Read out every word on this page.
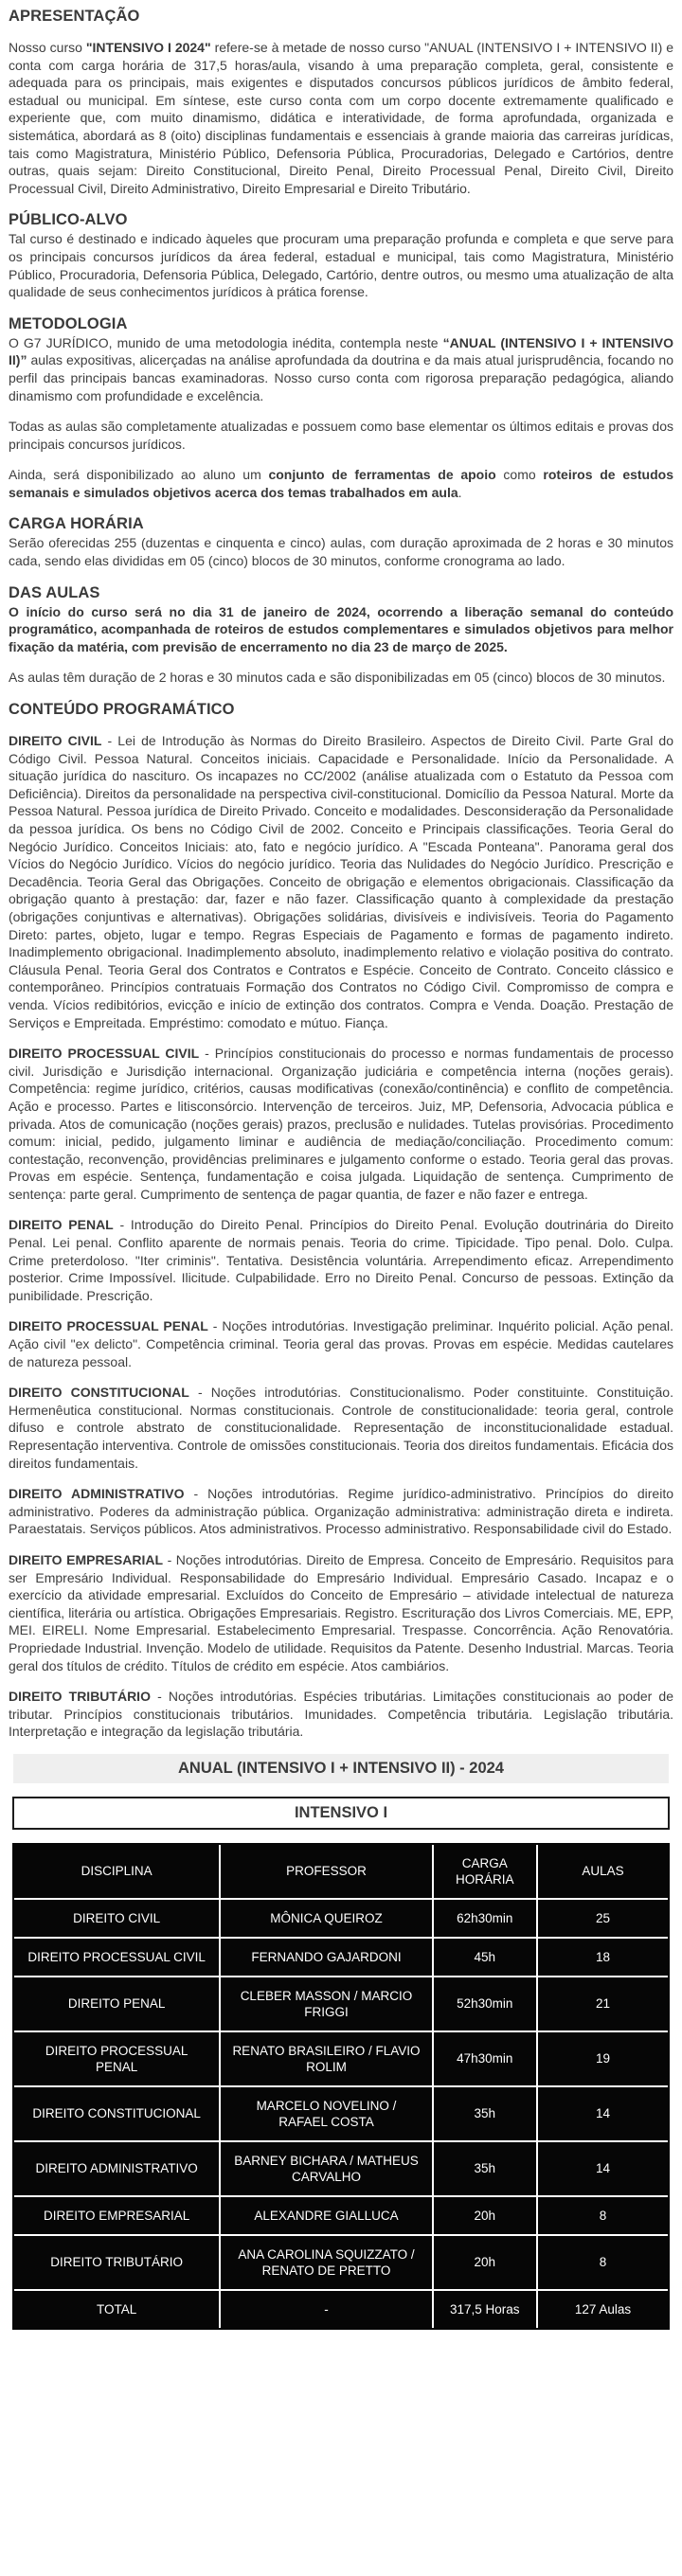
APRESENTAÇÃO

Nosso curso "INTENSIVO I 2024" refere-se à metade de nosso curso "ANUAL (INTENSIVO I + INTENSIVO II) e conta com carga horária de 317,5 horas/aula, visando à uma preparação completa, geral, consistente e adequada para os principais, mais exigentes e disputados concursos públicos jurídicos de âmbito federal, estadual ou municipal. Em síntese, este curso conta com um corpo docente extremamente qualificado e experiente que, com muito dinamismo, didática e interatividade, de forma aprofundada, organizada e sistemática, abordará as 8 (oito) disciplinas fundamentais e essenciais à grande maioria das carreiras jurídicas, tais como Magistratura, Ministério Público, Defensoria Pública, Procuradorias, Delegado e Cartórios, dentre outras, quais sejam: Direito Constitucional, Direito Penal, Direito Processual Penal, Direito Civil, Direito Processual Civil, Direito Administrativo, Direito Empresarial e Direito Tributário.

PÚBLICO-ALVO

Tal curso é destinado e indicado àqueles que procuram uma preparação profunda e completa e que serve para os principais concursos jurídicos da área federal, estadual e municipal, tais como Magistratura, Ministério Público, Procuradoria, Defensoria Pública, Delegado, Cartório, dentre outros, ou mesmo uma atualização de alta qualidade de seus conhecimentos jurídicos à prática forense.

METODOLOGIA

O G7 JURÍDICO, munido de uma metodologia inédita, contempla neste “ANUAL (INTENSIVO I + INTENSIVO II)” aulas expositivas, alicerçadas na análise aprofundada da doutrina e da mais atual jurisprudência, focando no perfil das principais bancas examinadoras. Nosso curso conta com rigorosa preparação pedagógica, aliando dinamismo com profundidade e excelência.

Todas as aulas são completamente atualizadas e possuem como base elementar os últimos editais e provas dos principais concursos jurídicos.

Ainda, será disponibilizado ao aluno um conjunto de ferramentas de apoio como roteiros de estudos semanais e simulados objetivos acerca dos temas trabalhados em aula.

CARGA HORÁRIA

Serão oferecidas 255 (duzentas e cinquenta e cinco) aulas, com duração aproximada de 2 horas e 30 minutos cada, sendo elas divididas em 05 (cinco) blocos de 30 minutos, conforme cronograma ao lado.

DAS AULAS

O início do curso será no dia 31 de janeiro de 2024, ocorrendo a liberação semanal do conteúdo programático, acompanhada de roteiros de estudos complementares e simulados objetivos para melhor fixação da matéria, com previsão de encerramento no dia 23 de março de 2025.

As aulas têm duração de 2 horas e 30 minutos cada e são disponibilizadas em 05 (cinco) blocos de 30 minutos.

CONTEÚDO PROGRAMÁTICO

DIREITO CIVIL - Lei de Introdução às Normas do Direito Brasileiro. Aspectos de Direito Civil. Parte Gral do Código Civil. Pessoa Natural. Conceitos iniciais. Capacidade e Personalidade. Início da Personalidade. A situação jurídica do nascituro. Os incapazes no CC/2002 (análise atualizada com o Estatuto da Pessoa com Deficiência). Direitos da personalidade na perspectiva civil-constitucional. Domicílio da Pessoa Natural. Morte da Pessoa Natural. Pessoa jurídica de Direito Privado. Conceito e modalidades. Desconsideração da Personalidade da pessoa jurídica. Os bens no Código Civil de 2002. Conceito e Principais classificações. Teoria Geral do Negócio Jurídico. Conceitos Iniciais: ato, fato e negócio jurídico. A "Escada Ponteana". Panorama geral dos Vícios do Negócio Jurídico. Vícios do negócio jurídico. Teoria das Nulidades do Negócio Jurídico. Prescrição e Decadência. Teoria Geral das Obrigações. Conceito de obrigação e elementos obrigacionais. Classificação da obrigação quanto à prestação: dar, fazer e não fazer. Classificação quanto à complexidade da prestação (obrigações conjuntivas e alternativas). Obrigações solidárias, divisíveis e indivisíveis. Teoria do Pagamento Direto: partes, objeto, lugar e tempo. Regras Especiais de Pagamento e formas de pagamento indireto. Inadimplemento obrigacional. Inadimplemento absoluto, inadimplemento relativo e violação positiva do contrato. Cláusula Penal. Teoria Geral dos Contratos e Contratos e Espécie. Conceito de Contrato. Conceito clássico e contemporâneo. Princípios contratuais Formação dos Contratos no Código Civil. Compromisso de compra e venda. Vícios redibitórios, evicção e início de extinção dos contratos. Compra e Venda. Doação. Prestação de Serviços e Empreitada. Empréstimo: comodato e mútuo. Fiança.

DIREITO PROCESSUAL CIVIL - Princípios constitucionais do processo e normas fundamentais de processo civil. Jurisdição e Jurisdição internacional. Organização judiciária e competência interna (noções gerais). Competência: regime jurídico, critérios, causas modificativas (conexão/continência) e conflito de competência. Ação e processo. Partes e litisconsórcio. Intervenção de terceiros. Juiz, MP, Defensoria, Advocacia pública e privada. Atos de comunicação (noções gerais) prazos, preclusão e nulidades. Tutelas provisórias. Procedimento comum: inicial, pedido, julgamento liminar e audiência de mediação/conciliação. Procedimento comum: contestação, reconvenção, providências preliminares e julgamento conforme o estado. Teoria geral das provas. Provas em espécie. Sentença, fundamentação e coisa julgada. Liquidação de sentença. Cumprimento de sentença: parte geral. Cumprimento de sentença de pagar quantia, de fazer e não fazer e entrega.

DIREITO PENAL - Introdução do Direito Penal. Princípios do Direito Penal. Evolução doutrinária do Direito Penal. Lei penal. Conflito aparente de normais penais. Teoria do crime. Tipicidade. Tipo penal. Dolo. Culpa. Crime preterdoloso. "Iter criminis". Tentativa. Desistência voluntária. Arrependimento eficaz. Arrependimento posterior. Crime Impossível. Ilicitude. Culpabilidade. Erro no Direito Penal. Concurso de pessoas. Extinção da punibilidade. Prescrição.

DIREITO PROCESSUAL PENAL - Noções introdutórias. Investigação preliminar. Inquérito policial. Ação penal. Ação civil "ex delicto". Competência criminal. Teoria geral das provas. Provas em espécie. Medidas cautelares de natureza pessoal.

DIREITO CONSTITUCIONAL - Noções introdutórias. Constitucionalismo. Poder constituinte. Constituição. Hermenêutica constitucional. Normas constitucionais. Controle de constitucionalidade: teoria geral, controle difuso e controle abstrato de constitucionalidade. Representação de inconstitucionalidade estadual. Representação interventiva. Controle de omissões constitucionais. Teoria dos direitos fundamentais. Eficácia dos direitos fundamentais.

DIREITO ADMINISTRATIVO - Noções introdutórias. Regime jurídico-administrativo. Princípios do direito administrativo. Poderes da administração pública. Organização administrativa: administração direta e indireta. Paraestatais. Serviços públicos. Atos administrativos. Processo administrativo. Responsabilidade civil do Estado.

DIREITO EMPRESARIAL - Noções introdutórias. Direito de Empresa. Conceito de Empresário. Requisitos para ser Empresário Individual. Responsabilidade do Empresário Individual. Empresário Casado. Incapaz e o exercício da atividade empresarial. Excluídos do Conceito de Empresário – atividade intelectual de natureza científica, literária ou artística. Obrigações Empresariais. Registro. Escrituração dos Livros Comerciais. ME, EPP, MEI. EIRELI. Nome Empresarial. Estabelecimento Empresarial. Trespasse. Concorrência. Ação Renovatória. Propriedade Industrial. Invenção. Modelo de utilidade. Requisitos da Patente. Desenho Industrial. Marcas. Teoria geral dos títulos de crédito. Títulos de crédito em espécie. Atos cambiários.

DIREITO TRIBUTÁRIO - Noções introdutórias. Espécies tributárias. Limitações constitucionais ao poder de tributar. Princípios constitucionais tributários. Imunidades. Competência tributária. Legislação tributária. Interpretação e integração da legislação tributária.

ANUAL (INTENSIVO I + INTENSIVO II) - 2024
INTENSIVO I
DISCIPLINA	PROFESSOR	CARGA HORÁRIA	AULAS
DIREITO CIVIL	MÔNICA QUEIROZ	62h30min	25
DIREITO PROCESSUAL CIVIL	FERNANDO GAJARDONI	45h	18
DIREITO PENAL	CLEBER MASSON / MARCIO FRIGGI	52h30min	21
DIREITO PROCESSUAL PENAL	RENATO BRASILEIRO / FLAVIO ROLIM	47h30min	19
DIREITO CONSTITUCIONAL	MARCELO NOVELINO / RAFAEL COSTA	35h	14
DIREITO ADMINISTRATIVO	BARNEY BICHARA / MATHEUS CARVALHO	35h	14
DIREITO EMPRESARIAL	ALEXANDRE GIALLUCA	20h	8
DIREITO TRIBUTÁRIO	ANA CAROLINA SQUIZZATO / RENATO DE PRETTO	20h	8
TOTAL	-	317,5 Horas	127 Aulas
